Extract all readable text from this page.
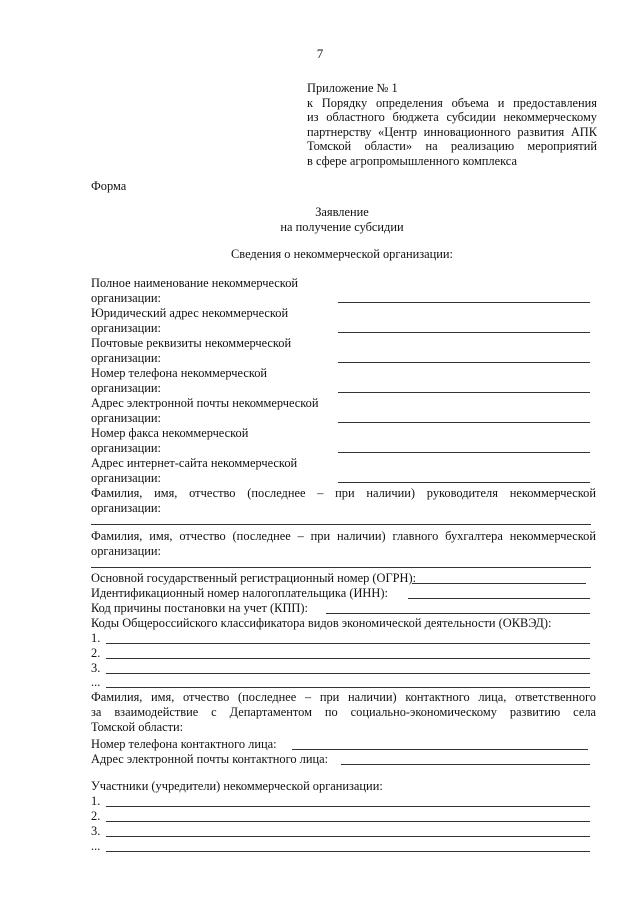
7
Приложение № 1
к Порядку определения объема и предоставления
из областного бюджета субсидии некоммерческому
партнерству «Центр инновационного развития АПК
Томской области» на реализацию мероприятий
в сфере агропромышленного комплекса
Форма
Заявление
на получение субсидии
Сведения о некоммерческой организации:
Полное наименование некоммерческой
организации:
Юридический адрес некоммерческой
организации:
Почтовые реквизиты некоммерческой
организации:
Номер телефона некоммерческой
организации:
Адрес электронной почты некоммерческой
организации:
Номер факса некоммерческой
организации:
Адрес интернет-сайта некоммерческой
организации:
Фамилия, имя, отчество (последнее – при наличии) руководителя некоммерческой
организации:
Фамилия, имя, отчество (последнее – при наличии) главного бухгалтера некоммерческой
организации:
Основной государственный регистрационный номер (ОГРН):
Идентификационный номер налогоплательщика (ИНН):
Код причины постановки на учет (КПП):
Коды Общероссийского классификатора видов экономической деятельности (ОКВЭД):
1.
2.
3.
...
Фамилия, имя, отчество (последнее – при наличии) контактного лица, ответственного
за взаимодействие с Департаментом по социально-экономическому развитию села
Томской области:
Номер телефона контактного лица:
Адрес электронной почты контактного лица:
Участники (учредители) некоммерческой организации:
1.
2.
3.
...
